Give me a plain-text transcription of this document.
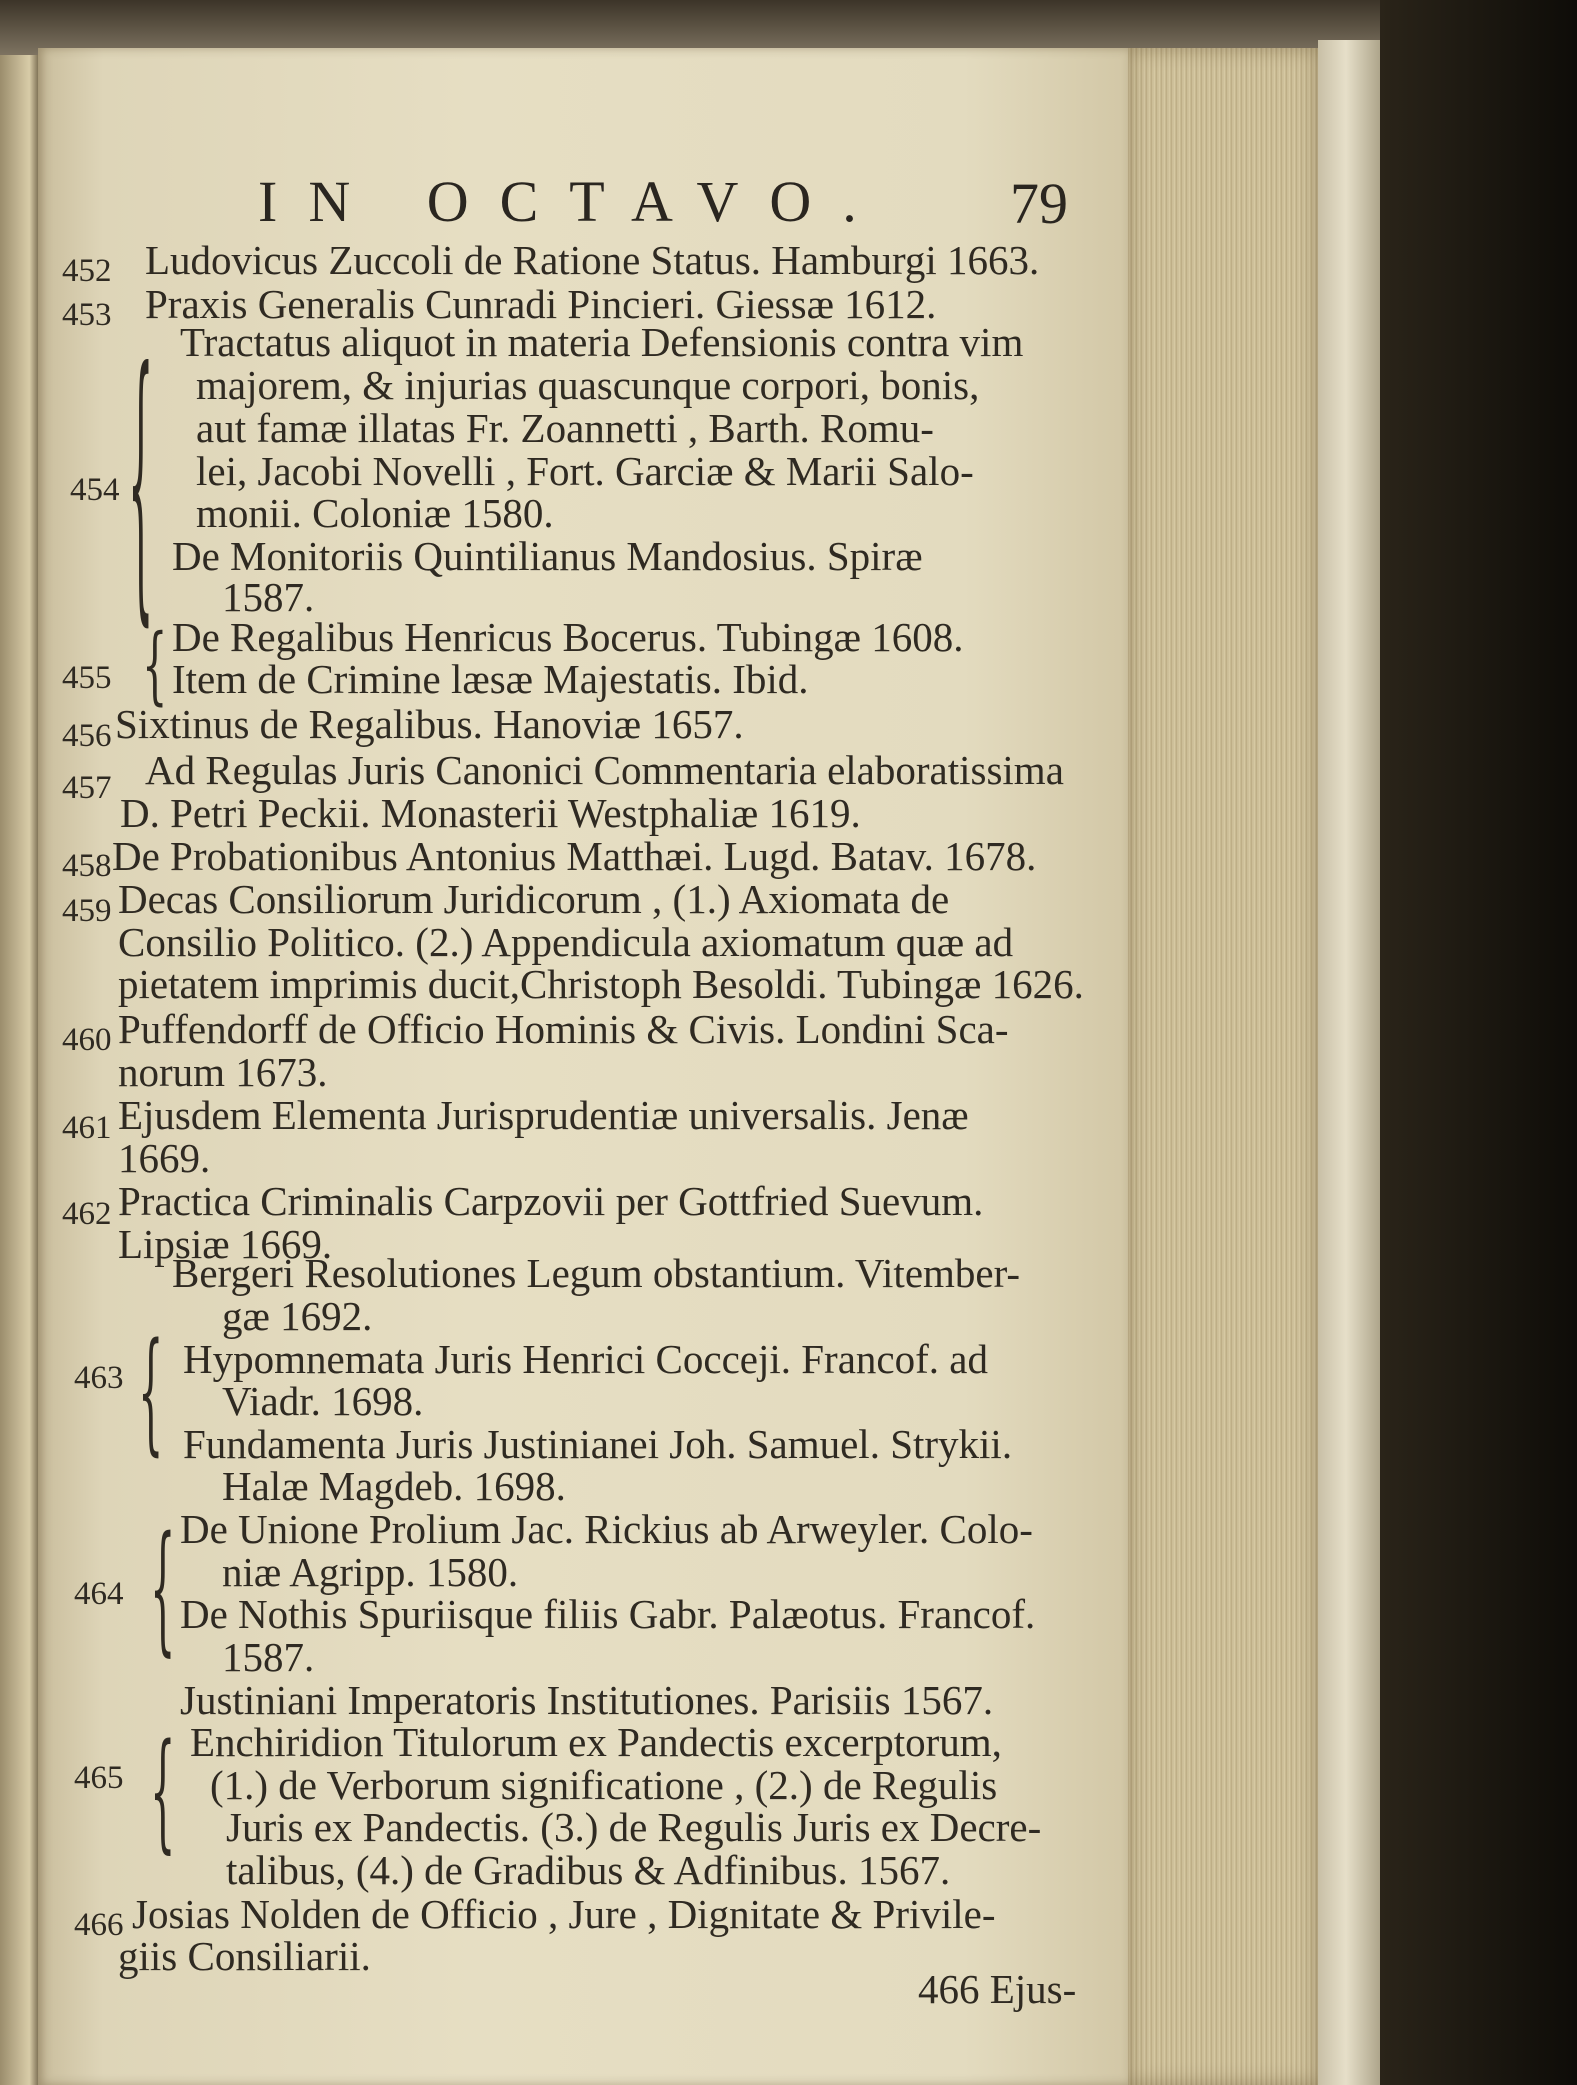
IN OCTAVO. 79
452 Ludovicus Zuccoli de Ratione Status. Hamburgi 1663.
453 Praxis Generalis Cunradi Pincieri. Giessæ 1612.
{
454
Tractatus aliquot in materia Defensionis contra vim
majorem, & injurias quascunque corpori, bonis,
aut famæ illatas Fr. Zoannetti , Barth. Romu-
lei, Jacobi Novelli , Fort. Garciæ & Marii Salo-
monii. Coloniæ 1580.
De Monitoriis Quintilianus Mandosius. Spiræ
1587.
{
455
De Regalibus Henricus Bocerus. Tubingæ 1608.
Item de Crimine læsæ Majestatis. Ibid.
456 Sixtinus de Regalibus. Hanoviæ 1657.
457 Ad Regulas Juris Canonici Commentaria elaboratissima
D. Petri Peckii. Monasterii Westphaliæ 1619.
458 De Probationibus Antonius Matthæi. Lugd. Batav. 1678.
459 Decas Consiliorum Juridicorum , (1.) Axiomata de
Consilio Politico. (2.) Appendicula axiomatum quæ ad
pietatem imprimis ducit,Christoph Besoldi. Tubingæ 1626.
460 Puffendorff de Officio Hominis & Civis. Londini Sca-
norum 1673.
461 Ejusdem Elementa Jurisprudentiæ universalis. Jenæ
1669.
462 Practica Criminalis Carpzovii per Gottfried Suevum.
Lipsiæ 1669.
{
463
Bergeri Resolutiones Legum obstantium. Vitember-
gæ 1692.
Hypomnemata Juris Henrici Cocceji. Francof. ad
Viadr. 1698.
Fundamenta Juris Justinianei Joh. Samuel. Strykii.
Halæ Magdeb. 1698.
{
464
De Unione Prolium Jac. Rickius ab Arweyler. Colo-
niæ Agripp. 1580.
De Nothis Spuriisque filiis Gabr. Palæotus. Francof.
1587.
{
465
Justiniani Imperatoris Institutiones. Parisiis 1567.
Enchiridion Titulorum ex Pandectis excerptorum,
(1.) de Verborum significatione , (2.) de Regulis
Juris ex Pandectis. (3.) de Regulis Juris ex Decre-
talibus, (4.) de Gradibus & Adfinibus. 1567.
466 Josias Nolden de Officio , Jure , Dignitate & Privile-
giis Consiliarii.
466 Ejus-
